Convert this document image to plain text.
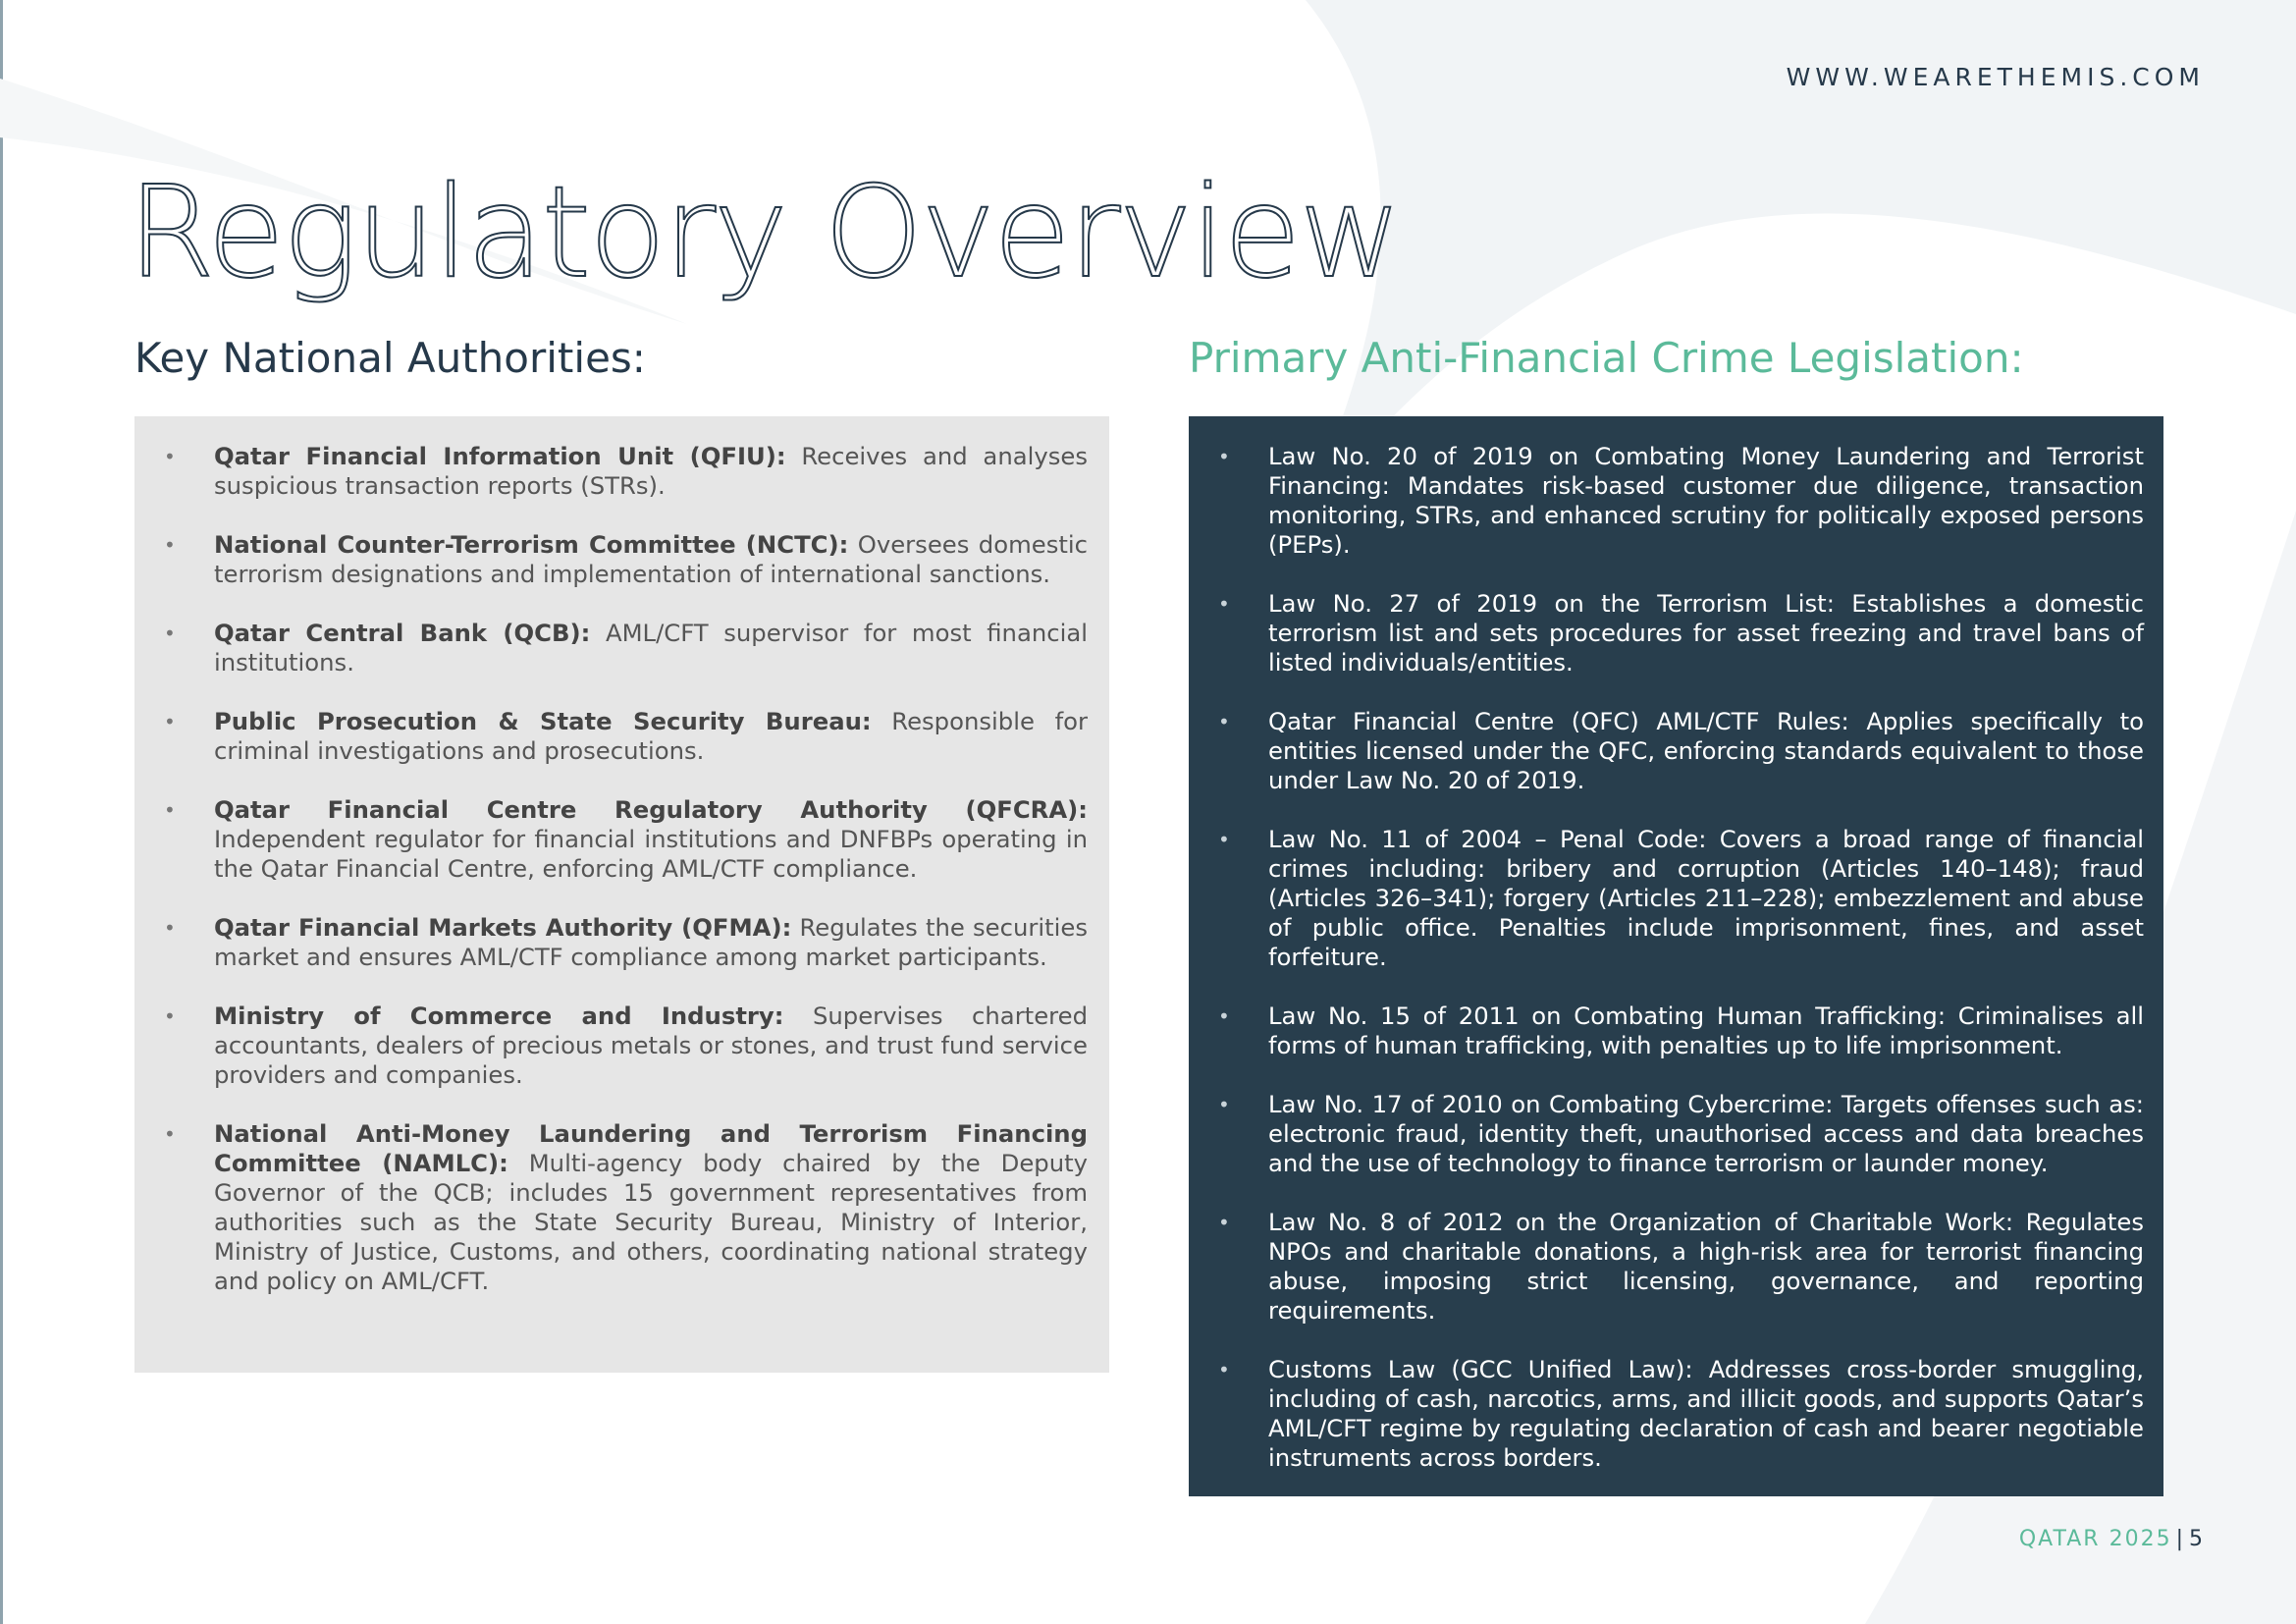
WWW.WEARETHEMIS.COM
Regulatory Overview
Key National Authorities:	Primary Anti-Financial Crime Legislation:
• Qatar Financial Information Unit (QFIU): Receives and analyses suspicious transaction reports (STRs).
• National Counter-Terrorism Committee (NCTC): Oversees domestic terrorism designations and implementation of international sanctions.
• Qatar Central Bank (QCB): AML/CFT supervisor for most financial institutions.
• Public Prosecution & State Security Bureau: Responsible for criminal investigations and prosecutions.
• Qatar Financial Centre Regulatory Authority (QFCRA): Independent regulator for financial institutions and DNFBPs operating in the Qatar Financial Centre, enforcing AML/CTF compliance.
• Qatar Financial Markets Authority (QFMA): Regulates the securities market and ensures AML/CTF compliance among market participants.
• Ministry of Commerce and Industry: Supervises chartered accountants, dealers of precious metals or stones, and trust fund service providers and companies.
• National Anti-Money Laundering and Terrorism Financing Committee (NAMLC): Multi-agency body chaired by the Deputy Governor of the QCB; includes 15 government representatives from authorities such as the State Security Bureau, Ministry of Interior, Ministry of Justice, Customs, and others, coordinating national strategy and policy on AML/CFT.
• Law No. 20 of 2019 on Combating Money Laundering and Terrorist Financing: Mandates risk-based customer due diligence, transaction monitoring, STRs, and enhanced scrutiny for politically exposed persons (PEPs).
• Law No. 27 of 2019 on the Terrorism List: Establishes a domestic terrorism list and sets procedures for asset freezing and travel bans of listed individuals/entities.
• Qatar Financial Centre (QFC) AML/CTF Rules: Applies specifically to entities licensed under the QFC, enforcing standards equivalent to those under Law No. 20 of 2019.
• Law No. 11 of 2004 – Penal Code: Covers a broad range of financial crimes including: bribery and corruption (Articles 140–148); fraud (Articles 326–341); forgery (Articles 211–228); embezzlement and abuse of public office. Penalties include imprisonment, fines, and asset forfeiture.
• Law No. 15 of 2011 on Combating Human Trafficking: Criminalises all forms of human trafficking, with penalties up to life imprisonment.
• Law No. 17 of 2010 on Combating Cybercrime: Targets offenses such as: electronic fraud, identity theft, unauthorised access and data breaches and the use of technology to finance terrorism or launder money.
• Law No. 8 of 2012 on the Organization of Charitable Work: Regulates NPOs and charitable donations, a high-risk area for terrorist financing abuse, imposing strict licensing, governance, and reporting requirements.
• Customs Law (GCC Unified Law): Addresses cross-border smuggling, including of cash, narcotics, arms, and illicit goods, and supports Qatar’s AML/CFT regime by regulating declaration of cash and bearer negotiable instruments across borders.
QATAR 2025 | 5
